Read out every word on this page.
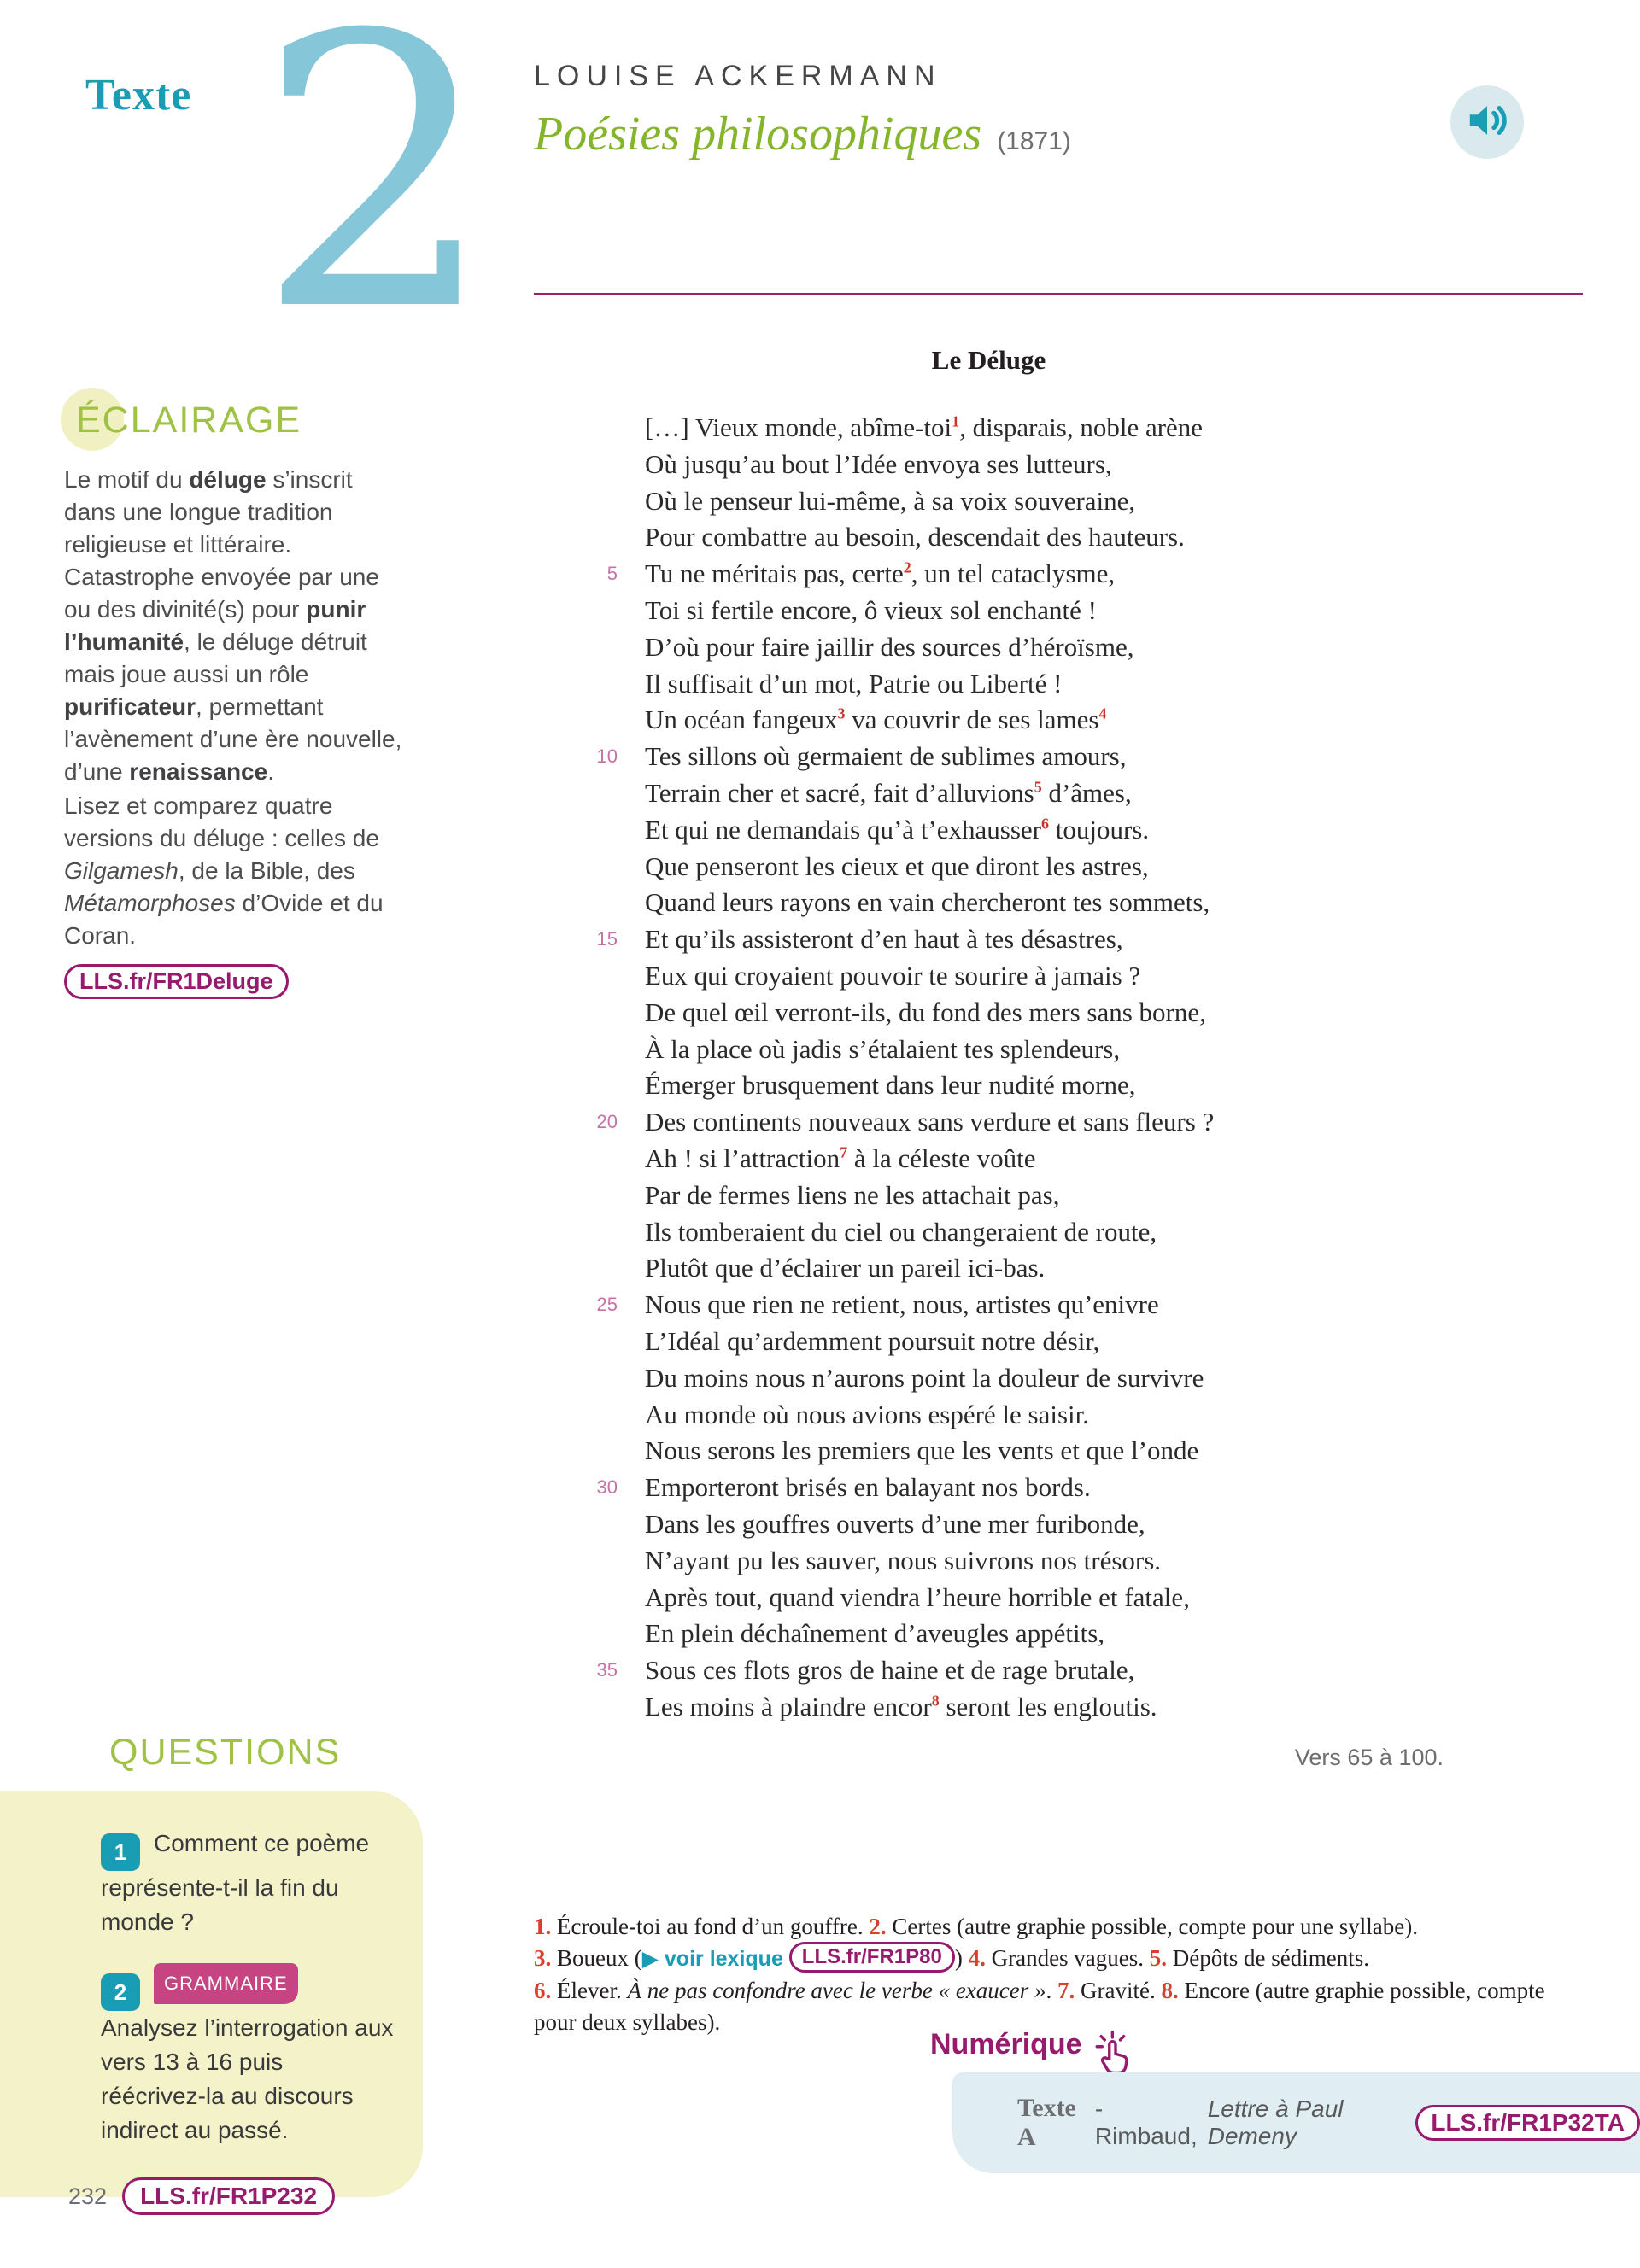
Texte 2 LOUISE ACKERMANN
Poésies philosophiques (1871)
ÉCLAIRAGE

Le motif du déluge s’inscrit dans une longue tradition religieuse et littéraire. Catastrophe envoyée par une ou des divinité(s) pour punir l’humanité, le déluge détruit mais joue aussi un rôle purificateur, permettant l’avènement d’une ère nouvelle, d’une renaissance.

Lisez et comparez quatre versions du déluge : celles de Gilgamesh, de la Bible, des Métamorphoses d’Ovide et du Coran.

LLS.fr/FR1Deluge
Le Déluge
[…] Vieux monde, abîme-toi$^1$, disparais, noble arène
Où jusqu’au bout l’Idée envoya ses lutteurs,
Où le penseur lui-même, à sa voix souveraine,
Pour combattre au besoin, descendait des hauteurs.
5	Tu ne méritais pas, certe$^2$, un tel cataclysme,
Toi si fertile encore, ô vieux sol enchanté !
D’où pour faire jaillir des sources d’héroïsme,
Il suffisait d’un mot, Patrie ou Liberté !
Un océan fangeux$^3$ va couvrir de ses lames$^4$
10	Tes sillons où germaient de sublimes amours,
Terrain cher et sacré, fait d’alluvions$^5$ d’âmes,
Et qui ne demandais qu’à t’exhausser$^6$ toujours.
Que penseront les cieux et que diront les astres,
Quand leurs rayons en vain chercheront tes sommets,
15	Et qu’ils assisteront d’en haut à tes désastres,
Eux qui croyaient pouvoir te sourire à jamais ?
De quel œil verront-ils, du fond des mers sans borne,
À la place où jadis s’étalaient tes splendeurs,
Émerger brusquement dans leur nudité morne,
20	Des continents nouveaux sans verdure et sans fleurs ?
Ah ! si l’attraction$^7$ à la céleste voûte
Par de fermes liens ne les attachait pas,
Ils tomberaient du ciel ou changeraient de route,
Plutôt que d’éclairer un pareil ici-bas.
25	Nous que rien ne retient, nous, artistes qu’enivre
L’Idéal qu’ardemment poursuit notre désir,
Du moins nous n’aurons point la douleur de survivre
Au monde où nous avions espéré le saisir.
Nous serons les premiers que les vents et que l’onde
30	Emporteront brisés en balayant nos bords.
Dans les gouffres ouverts d’une mer furibonde,
N’ayant pu les sauver, nous suivrons nos trésors.
Après tout, quand viendra l’heure horrible et fatale,
En plein déchaînement d’aveugles appétits,
35	Sous ces flots gros de haine et de rage brutale,
Les moins à plaindre encor$^8$ seront les engloutis.
Vers 65 à 100.
1. Écroule-toi au fond d’un gouffre. 2. Certes (autre graphie possible, compte pour une syllabe).
3. Boueux (▶ voir lexique LLS.fr/FR1P80 ) 4. Grandes vagues. 5. Dépôts de sédiments.
6. Élever. À ne pas confondre avec le verbe « exaucer ». 7. Gravité. 8. Encore (autre graphie possible, compte pour deux syllabes).
QUESTIONS
1 Comment ce poème représente-t-il la fin du monde ?
2 GRAMMAIREAnalysez l’interrogation aux vers 13 à 16 puis réécrivez-la au discours indirect au passé.
Numérique
Texte A
- Rimbaud,
Lettre à Paul Demeny
LLS.fr/FR1P32TA
232	LLS.fr/FR1P232
